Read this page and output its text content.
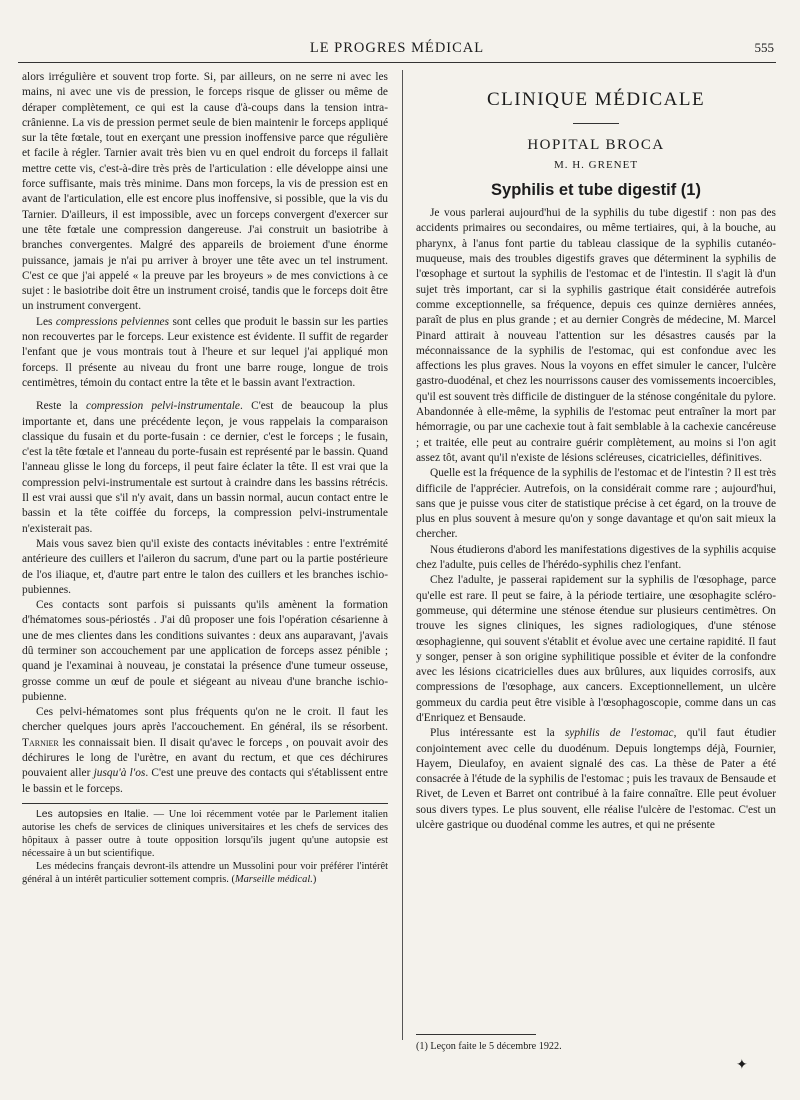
LE PROGRES MÉDICAL	555

alors irrégulière et souvent trop forte. Si, par ailleurs, on ne serre ni avec les mains, ni avec une vis de pression, le forceps risque de glisser ou même de déraper complètement, ce qui est la cause d'à-coups dans la tension intra-crânienne. La vis de pression permet seule de bien maintenir le forceps appliqué sur la tête fœtale, tout en exerçant une pression inoffensive parce que régulière et facile à régler. Tarnier avait très bien vu en quel endroit du forceps il fallait mettre cette vis, c'est-à-dire très près de l'articulation : elle développe ainsi une force suffisante, mais très minime. Dans mon forceps, la vis de pression est en avant de l'articulation, elle est encore plus inoffensive, si possible, que la vis du Tarnier. D'ailleurs, il est impossible, avec un forceps convergent d'exercer sur une tête fœtale une compression dangereuse. J'ai construit un basiotribe à branches convergentes. Malgré des appareils de broiement d'une énorme puissance, jamais je n'ai pu arriver à broyer une tête avec un tel instrument. C'est ce que j'ai appelé « la preuve par les broyeurs » de mes convictions à ce sujet : le basiotribe doit être un instrument croisé, tandis que le forceps doit être un instrument convergent.

Les compressions pelviennes sont celles que produit le bassin sur les parties non recouvertes par le forceps. Leur existence est évidente. Il suffit de regarder l'enfant que je vous montrais tout à l'heure et sur lequel j'ai appliqué mon forceps. Il présente au niveau du front une barre rouge, longue de trois centimètres, témoin du contact entre la tête et le bassin avant l'extraction.

Reste la compression pelvi-instrumentale. C'est de beaucoup la plus importante et, dans une précédente leçon, je vous rappelais la comparaison classique du fusain et du porte-fusain : ce dernier, c'est le forceps ; le fusain, c'est la tête fœtale et l'anneau du porte-fusain est représenté par le bassin. Quand l'anneau glisse le long du forceps, il peut faire éclater la tête. Il est vrai que la compression pelvi-instrumentale est surtout à craindre dans les bassins rétrécis. Il est vrai aussi que s'il n'y avait, dans un bassin normal, aucun contact entre le bassin et la tête coiffée du forceps, la compression pelvi-instrumentale n'existerait pas.

Mais vous savez bien qu'il existe des contacts inévitables : entre l'extrémité antérieure des cuillers et l'aileron du sacrum, d'une part ou la partie postérieure de l'os iliaque, et, d'autre part entre le talon des cuillers et les branches ischio-pubiennes.

Ces contacts sont parfois si puissants qu'ils amènent la formation d'hématomes sous-périostés . J'ai dû proposer une fois l'opération césarienne à une de mes clientes dans les conditions suivantes : deux ans auparavant, j'avais dû terminer son accouchement par une application de forceps assez pénible ; quand je l'examinai à nouveau, je constatai la présence d'une tumeur osseuse, grosse comme un œuf de poule et siégeant au niveau d'une branche ischio-pubienne.

Ces pelvi-hématomes sont plus fréquents qu'on ne le croit. Il faut les chercher quelques jours après l'accouchement. En général, ils se résorbent. Tarnier les connaissait bien. Il disait qu'avec le forceps , on pouvait avoir des déchirures le long de l'urètre, en avant du rectum, et que ces déchirures pouvaient aller jusqu'à l'os. C'est une preuve des contacts qui s'établissent entre le bassin et le forceps.

Les autopsies en Italie. — Une loi récemment votée par le Parlement italien autorise les chefs de services de cliniques universitaires et les chefs de services des hôpitaux à passer outre à toute opposition lorsqu'ils jugent qu'une autopsie est nécessaire à un but scientifique.

Les médecins français devront-ils attendre un Mussolini pour voir préférer l'intérêt général à un intérêt particulier sottement compris. (Marseille médical.)

CLINIQUE MÉDICALE
HOPITAL BROCA
M. H. GRENET
Syphilis et tube digestif (1)

Je vous parlerai aujourd'hui de la syphilis du tube digestif : non pas des accidents primaires ou secondaires, ou même tertiaires, qui, à la bouche, au pharynx, à l'anus font partie du tableau classique de la syphilis cutanéo-muqueuse, mais des troubles digestifs graves que déterminent la syphilis de l'œsophage et surtout la syphilis de l'estomac et de l'intestin. Il s'agit là d'un sujet très important, car si la syphilis gastrique était considérée autrefois comme exceptionnelle, sa fréquence, depuis ces quinze dernières années, paraît de plus en plus grande ; et au dernier Congrès de médecine, M. Marcel Pinard attirait à nouveau l'attention sur les désastres causés par la méconnaissance de la syphilis de l'estomac, qui est confondue avec les affections les plus graves. Nous la voyons en effet simuler le cancer, l'ulcère gastro-duodénal, et chez les nourrissons causer des vomissements incoercibles, qu'il est souvent très difficile de distinguer de la sténose congénitale du pylore. Abandonnée à elle-même, la syphilis de l'estomac peut entraîner la mort par hémorragie, ou par une cachexie tout à fait semblable à la cachexie cancéreuse ; et traitée, elle peut au contraire guérir complètement, au moins si l'on agit assez tôt, avant qu'il n'existe de lésions scléreuses, cicatricielles, définitives.

Quelle est la fréquence de la syphilis de l'estomac et de l'intestin ? Il est très difficile de l'apprécier. Autrefois, on la considérait comme rare ; aujourd'hui, sans que je puisse vous citer de statistique précise à cet égard, on la trouve de plus en plus souvent à mesure qu'on y songe davantage et qu'on sait mieux la chercher.

Nous étudierons d'abord les manifestations digestives de la syphilis acquise chez l'adulte, puis celles de l'hérédo-syphilis chez l'enfant.

Chez l'adulte, je passerai rapidement sur la syphilis de l'œsophage, parce qu'elle est rare. Il peut se faire, à la période tertiaire, une œsophagite scléro-gommeuse, qui détermine une sténose étendue sur plusieurs centimètres. On trouve les signes cliniques, les signes radiologiques, d'une sténose œsophagienne, qui souvent s'établit et évolue avec une certaine rapidité. Il faut y songer, penser à son origine syphilitique possible et éviter de la confondre avec les lésions cicatricielles dues aux brûlures, aux liquides corrosifs, aux compressions de l'œsophage, aux cancers. Exceptionnellement, un ulcère gommeux du cardia peut être visible à l'œsophagoscopie, comme dans un cas d'Enriquez et Bensaude.

Plus intéressante est la syphilis de l'estomac, qu'il faut étudier conjointement avec celle du duodénum. Depuis longtemps déjà, Fournier, Hayem, Dieulafoy, en avaient signalé des cas. La thèse de Pater a été consacrée à l'étude de la syphilis de l'estomac ; puis les travaux de Bensaude et Rivet, de Leven et Barret ont contribué à la faire connaître. Elle peut évoluer sous divers types. Le plus souvent, elle réalise l'ulcère de l'estomac. C'est un ulcère gastrique ou duodénal comme les autres, et qui ne présente

(1) Leçon faite le 5 décembre 1922.
✦
